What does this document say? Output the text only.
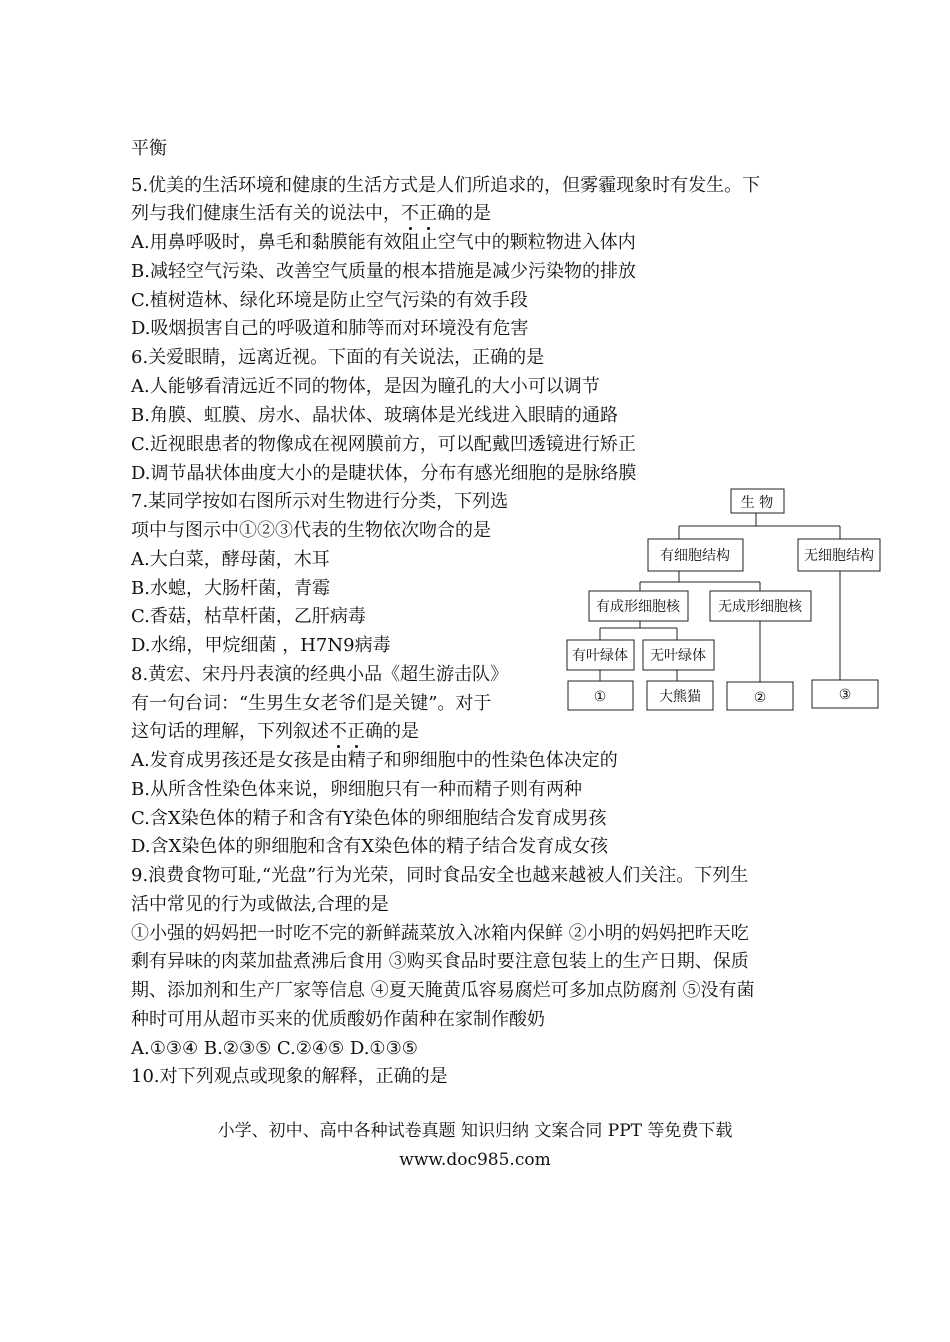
平衡
5.优美的生活环境和健康的生活方式是人们所追求的，但雾霾现象时有发生。下
列与我们健康生活有关的说法中，不正确的是
A.用鼻呼吸时，鼻毛和黏膜能有效阻止空气中的颗粒物进入体内
B.减轻空气污染、改善空气质量的根本措施是减少污染物的排放
C.植树造林、绿化环境是防止空气污染的有效手段
D.吸烟损害自己的呼吸道和肺等而对环境没有危害
6.关爱眼睛，远离近视。下面的有关说法，正确的是
A.人能够看清远近不同的物体，是因为瞳孔的大小可以调节
B.角膜、虹膜、房水、晶状体、玻璃体是光线进入眼睛的通路
C.近视眼患者的物像成在视网膜前方，可以配戴凹透镜进行矫正
D.调节晶状体曲度大小的是睫状体，分布有感光细胞的是脉络膜
7.某同学按如右图所示对生物进行分类，下列选
项中与图示中①②③代表的生物依次吻合的是
A.大白菜，酵母菌，木耳
B.水螅，大肠杆菌，青霉
C.香菇，枯草杆菌，乙肝病毒
D.水绵，甲烷细菌 ，H7N9病毒
8.黄宏、宋丹丹表演的经典小品《超生游击队》
有一句台词：“生男生女老爷们是关键”。对于
这句话的理解，下列叙述不正确的是
A.发育成男孩还是女孩是由精子和卵细胞中的性染色体决定的
B.从所含性染色体来说，卵细胞只有一种而精子则有两种
C.含X染色体的精子和含有Y染色体的卵细胞结合发育成男孩
D.含X染色体的卵细胞和含有X染色体的精子结合发育成女孩
9.浪费食物可耻,“光盘”行为光荣，同时食品安全也越来越被人们关注。下列生
活中常见的行为或做法,合理的是
①小强的妈妈把一时吃不完的新鲜蔬菜放入冰箱内保鲜 ②小明的妈妈把昨天吃
剩有异味的肉菜加盐煮沸后食用 ③购买食品时要注意包装上的生产日期、保质
期、添加剂和生产厂家等信息 ④夏天腌黄瓜容易腐烂可多加点防腐剂 ⑤没有菌
种时可用从超市买来的优质酸奶作菌种在家制作酸奶
A.①③④ B.②③⑤ C.②④⑤ D.①③⑤
10.对下列观点或现象的解释，正确的是
生 物
有细胞结构	无细胞结构
有成形细胞核	无成形细胞核
有叶绿体 无叶绿体
①	大熊猫	②	③
小学、初中、高中各种试卷真题 知识归纳 文案合同 PPT 等免费下载
www.doc985.com
